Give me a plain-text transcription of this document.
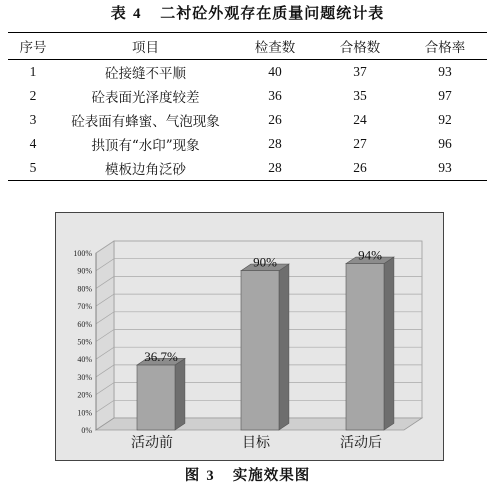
表 4 二衬砼外观存在质量问题统计表
序号	项目	检查数	合格数	合格率
1	砼接缝不平顺	40	37	93
2	砼表面光泽度较差	36	35	97
3	砼表面有蜂蜜、气泡现象	26	24	92
4	拱顶有“水印”现象	28	27	96
5	模板边角泛砂	28	26	93
0%
10%
20%
30%
40%
50%
60%
70%
80%
90%
100%
36.7%
活动前
90%
目标
94%
活动后
图 3 实施效果图
